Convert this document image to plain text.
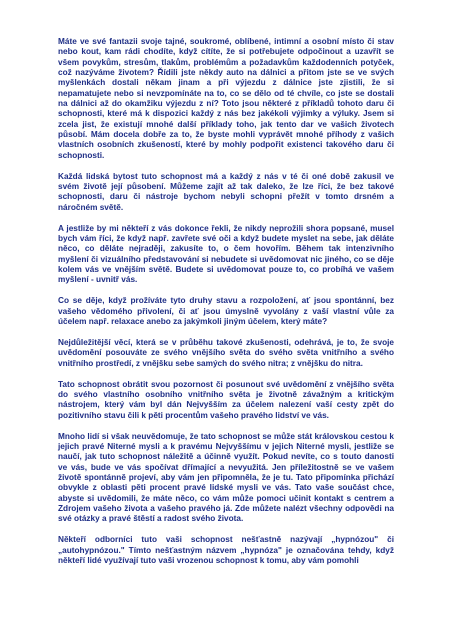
Máte ve své fantazii svoje tajné, soukromé, oblíbené, intimní a osobní místo či stav nebo kout, kam rádi chodíte, když cítíte, že si potřebujete odpočinout a uzavřít se všem povykům, stresům, tlakům, problémům a požadavkům každodenních potyček, což nazýváme životem? Řídili jste někdy auto na dálnici a přitom jste se ve svých myšlenkách dostali někam jinam a při výjezdu z dálnice jste zjistili, že si nepamatujete nebo si nevzpomínáte na to, co se dělo od té chvíle, co jste se dostali na dálnici až do okamžiku výjezdu z ní? Toto jsou některé z příkladů tohoto daru či schopnosti, které má k dispozici každý z nás bez jakékoli výjimky a výluky. Jsem si zcela jist, že existují mnohé další příklady toho, jak tento dar ve vašich životech působí. Mám docela dobře za to, že byste mohli vyprávět mnohé příhody z vašich vlastních osobních zkušeností, které by mohly podpořit existenci takového daru či schopnosti.

Každá lidská bytost tuto schopnost má a každý z nás v té či oné době zakusil ve svém životě její působení. Můžeme zajít až tak daleko, že lze říci, že bez takové schopnosti, daru či nástroje bychom nebyli schopni přežít v tomto drsném a náročném světě.

A jestliže by mi někteří z vás dokonce řekli, že nikdy neprožili shora popsané, musel bych vám říci, že když např. zavřete své oči a když budete myslet na sebe, jak děláte něco, co děláte nejraději, zakusíte to, o čem hovořím. Během tak intenzivního myšlení či vizuálního představování si nebudete si uvědomovat nic jiného, co se děje kolem vás ve vnějším světě. Budete si uvědomovat pouze to, co probíhá ve vašem myšlení - uvnitř vás.

Co se děje, když prožíváte tyto druhy stavu a rozpoložení, ať jsou spontánní, bez vašeho vědomého přivolení, či ať jsou úmyslně vyvolány z vaší vlastní vůle za účelem např. relaxace anebo za jakýmkoli jiným účelem, který máte?

Nejdůležitější věcí, která se v průběhu takové zkušenosti, odehrává, je to, že svoje uvědomění posouváte ze svého vnějšího světa do svého světa vnitřního a svého vnitřního prostředí, z vnějšku sebe samých do svého nitra; z vnějšku do nitra.

Tato schopnost obrátit svou pozornost či posunout své uvědomění z vnějšího světa do svého vlastního osobního vnitřního světa je životně závažným a kritickým nástrojem, který vám byl dán Nejvyšším za účelem nalezení vaší cesty zpět do pozitivního stavu čili k pěti procentům vašeho pravého lidství ve vás.

Mnoho lidí si však neuvědomuje, že tato schopnost se může stát královskou cestou k jejich pravé Niterné mysli a k pravému Nejvyššímu v jejich Niterné mysli, jestliže se naučí, jak tuto schopnost náležitě a účinně využít. Pokud nevíte, co s touto danosti ve vás, bude ve vás spočívat dřímající a nevyužitá. Jen příležitostně se ve vašem životě spontánně projeví, aby vám jen připomněla, že je tu. Tato připomínka přichází obvykle z oblasti pěti procent pravé lidské mysli ve vás. Tato vaše součást chce, abyste si uvědomili, že máte něco, co vám může pomoci učinit kontakt s centrem a Zdrojem vašeho života a vašeho pravého já. Zde můžete nalézt všechny odpovědi na své otázky a pravé štěstí a radost svého života.

Někteří odborníci tuto vaši schopnost nešťastně nazývají „hypnózou" či „autohypnózou." Tímto nešťastným názvem „hypnóza" je označována tehdy, když někteří lidé využívají tuto vaši vrozenou schopnost k tomu, aby vám pomohli
